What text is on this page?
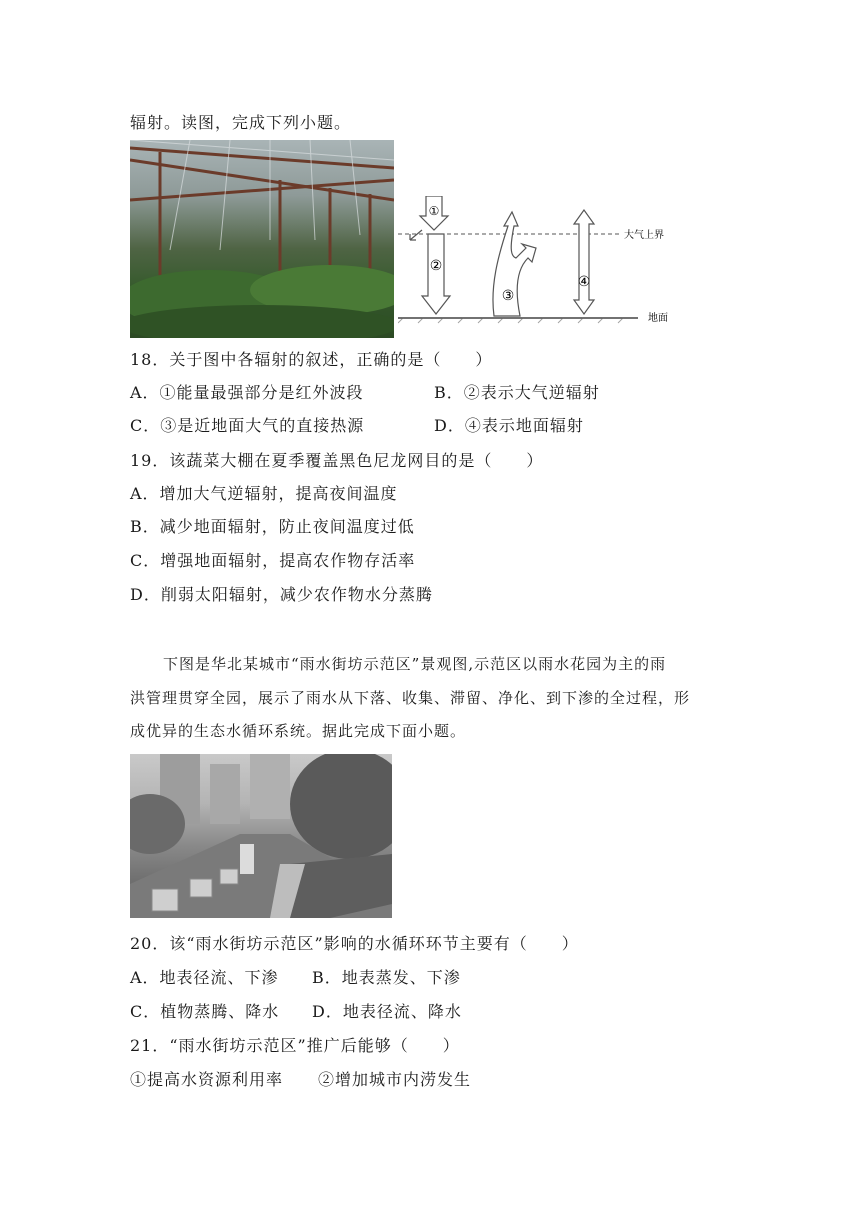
辐射。读图，完成下列小题。
大气上界
地面
①
②
③
④
18．关于图中各辐射的叙述，正确的是（　　）
A．①能量最强部分是红外波段	B．②表示大气逆辐射
C．③是近地面大气的直接热源	D．④表示地面辐射
19．该蔬菜大棚在夏季覆盖黑色尼龙网目的是（　　）
A．增加大气逆辐射，提高夜间温度
B．减少地面辐射，防止夜间温度过低
C．增强地面辐射，提高农作物存活率
D．削弱太阳辐射，减少农作物水分蒸腾
下图是华北某城市“雨水街坊示范区”景观图,示范区以雨水花园为主的雨
洪管理贯穿全园，展示了雨水从下落、收集、滞留、净化、到下渗的全过程，形
成优异的生态水循环系统。据此完成下面小题。
20．该“雨水街坊示范区”影响的水循环环节主要有（　　）
A．地表径流、下渗 B．地表蒸发、下渗
C．植物蒸腾、降水 D．地表径流、降水
21．“雨水街坊示范区”推广后能够（　　）
①提高水资源利用率 ②增加城市内涝发生
